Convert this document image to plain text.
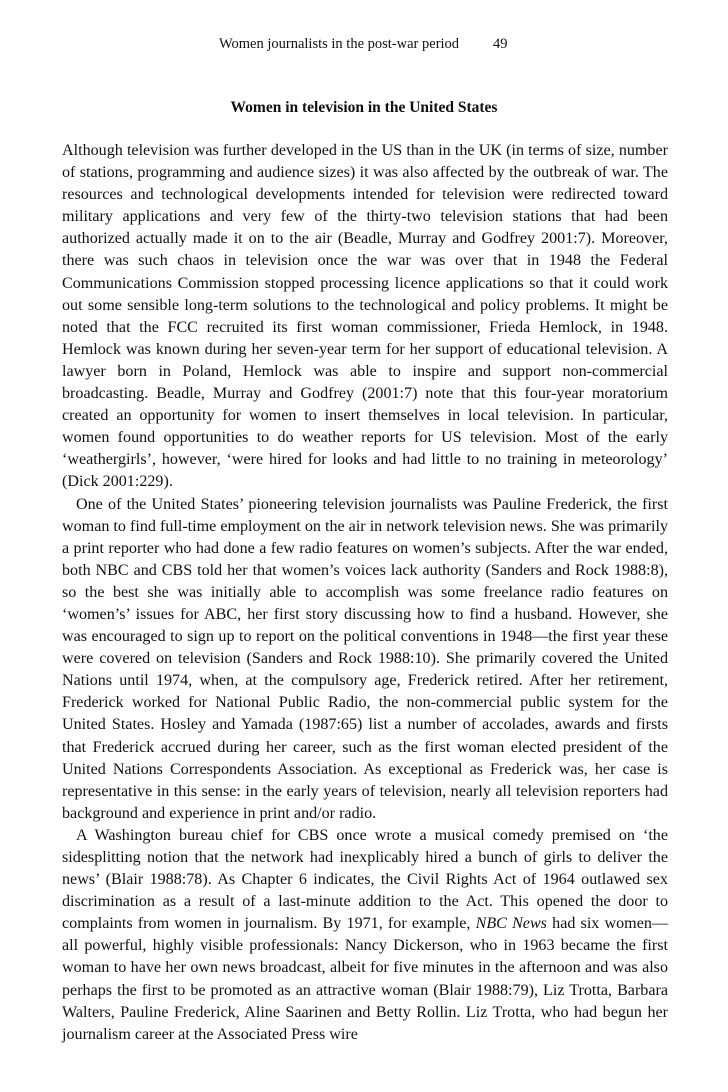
Women journalists in the post-war period 49
Women in television in the United States

Although television was further developed in the US than in the UK (in terms of size, number of stations, programming and audience sizes) it was also affected by the outbreak of war. The resources and technological developments intended for television were redirected toward military applications and very few of the thirty-two television stations that had been authorized actually made it on to the air (Beadle, Murray and Godfrey 2001:7). Moreover, there was such chaos in television once the war was over that in 1948 the Federal Communications Commission stopped processing licence applications so that it could work out some sensible long-term solutions to the technological and policy problems. It might be noted that the FCC recruited its first woman commissioner, Frieda Hemlock, in 1948. Hemlock was known during her seven-year term for her support of educational television. A lawyer born in Poland, Hemlock was able to inspire and support non-commercial broadcasting. Beadle, Murray and Godfrey (2001:7) note that this four-year moratorium created an opportunity for women to insert themselves in local television. In particular, women found opportunities to do weather reports for US television. Most of the early ‘weathergirls’, however, ‘were hired for looks and had little to no training in meteorology’ (Dick 2001:229).

One of the United States’ pioneering television journalists was Pauline Frederick, the first woman to find full-time employment on the air in network television news. She was primarily a print reporter who had done a few radio features on women’s subjects. After the war ended, both NBC and CBS told her that women’s voices lack authority (Sanders and Rock 1988:8), so the best she was initially able to accomplish was some freelance radio features on ‘women’s’ issues for ABC, her first story discussing how to find a husband. However, she was encouraged to sign up to report on the political conventions in 1948—the first year these were covered on television (Sanders and Rock 1988:10). She primarily covered the United Nations until 1974, when, at the compulsory age, Frederick retired. After her retirement, Frederick worked for National Public Radio, the non-commercial public system for the United States. Hosley and Yamada (1987:65) list a number of accolades, awards and firsts that Frederick accrued during her career, such as the first woman elected president of the United Nations Correspondents Association. As exceptional as Frederick was, her case is representative in this sense: in the early years of television, nearly all television reporters had background and experience in print and/or radio.

A Washington bureau chief for CBS once wrote a musical comedy premised on ‘the sidesplitting notion that the network had inexplicably hired a bunch of girls to deliver the news’ (Blair 1988:78). As Chapter 6 indicates, the Civil Rights Act of 1964 outlawed sex discrimination as a result of a last-minute addition to the Act. This opened the door to complaints from women in journalism. By 1971, for example, NBC News had six women—all powerful, highly visible professionals: Nancy Dickerson, who in 1963 became the first woman to have her own news broadcast, albeit for five minutes in the afternoon and was also perhaps the first to be promoted as an attractive woman (Blair 1988:79), Liz Trotta, Barbara Walters, Pauline Frederick, Aline Saarinen and Betty Rollin. Liz Trotta, who had begun her journalism career at the Associated Press wire
